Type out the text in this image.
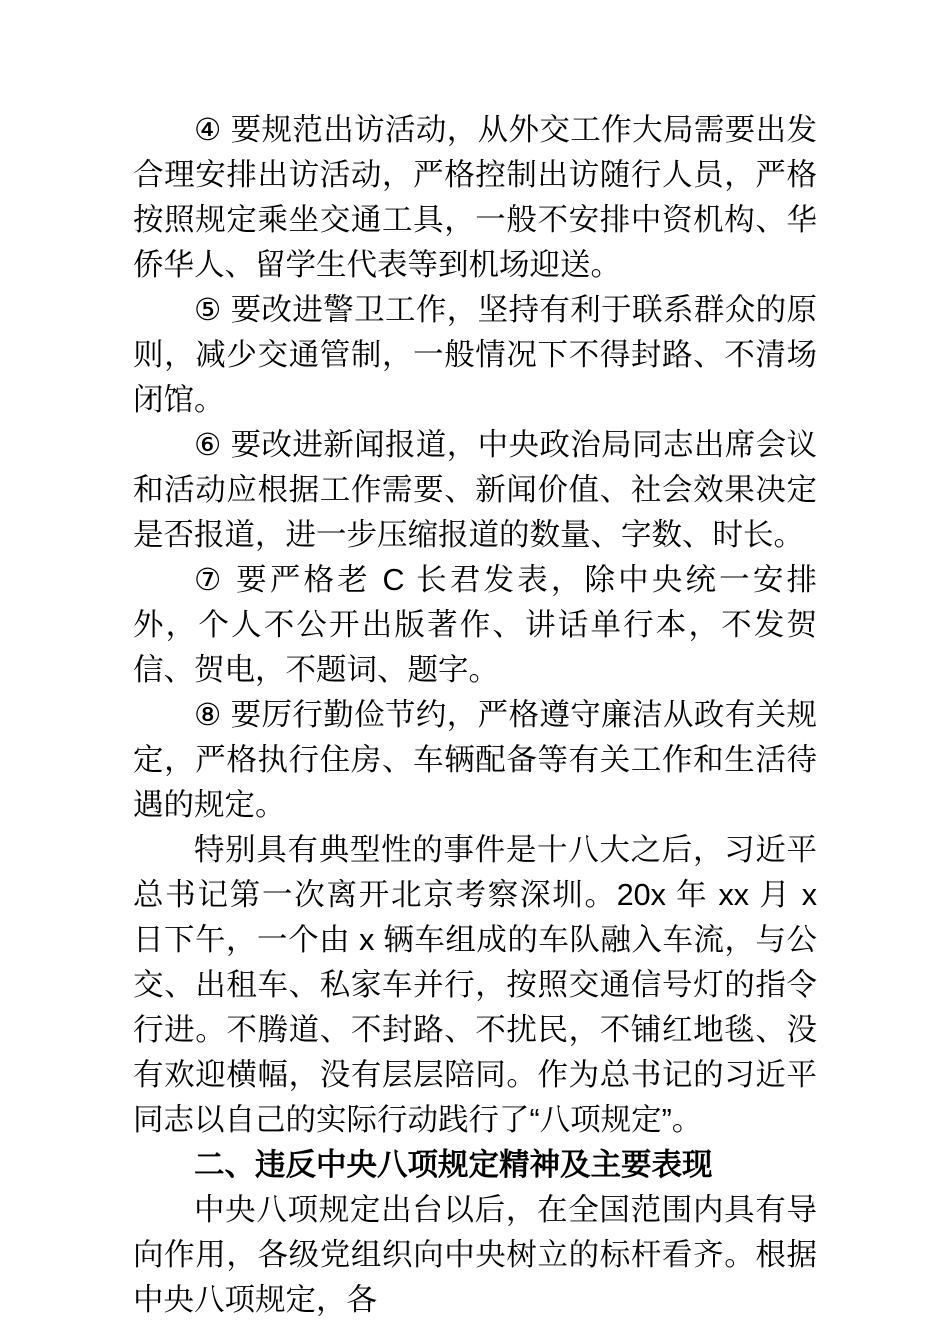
④ 要规范出访活动，从外交工作大局需要出发合理安排出访活动，严格控制出访随行人员，严格按照规定乘坐交通工具，一般不安排中资机构、华侨华人、留学生代表等到机场迎送。

⑤ 要改进警卫工作，坚持有利于联系群众的原则，减少交通管制，一般情况下不得封路、不清场闭馆。

⑥ 要改进新闻报道，中央政治局同志出席会议和活动应根据工作需要、新闻价值、社会效果决定是否报道，进一步压缩报道的数量、字数、时长。

⑦ 要严格老 C 长君发表，除中央统一安排外，个人不公开出版著作、讲话单行本，不发贺信、贺电，不题词、题字。

⑧ 要厉行勤俭节约，严格遵守廉洁从政有关规定，严格执行住房、车辆配备等有关工作和生活待遇的规定。

特别具有典型性的事件是十八大之后，习近平总书记第一次离开北京考察深圳。20x 年 xx 月 x 日下午，一个由 x 辆车组成的车队融入车流，与公交、出租车、私家车并行，按照交通信号灯的指令行进。不腾道、不封路、不扰民，不铺红地毯、没有欢迎横幅，没有层层陪同。作为总书记的习近平同志以自己的实际行动践行了“八项规定”。

二、违反中央八项规定精神及主要表现

中央八项规定出台以后，在全国范围内具有导向作用，各级党组织向中央树立的标杆看齐。根据中央八项规定，各
